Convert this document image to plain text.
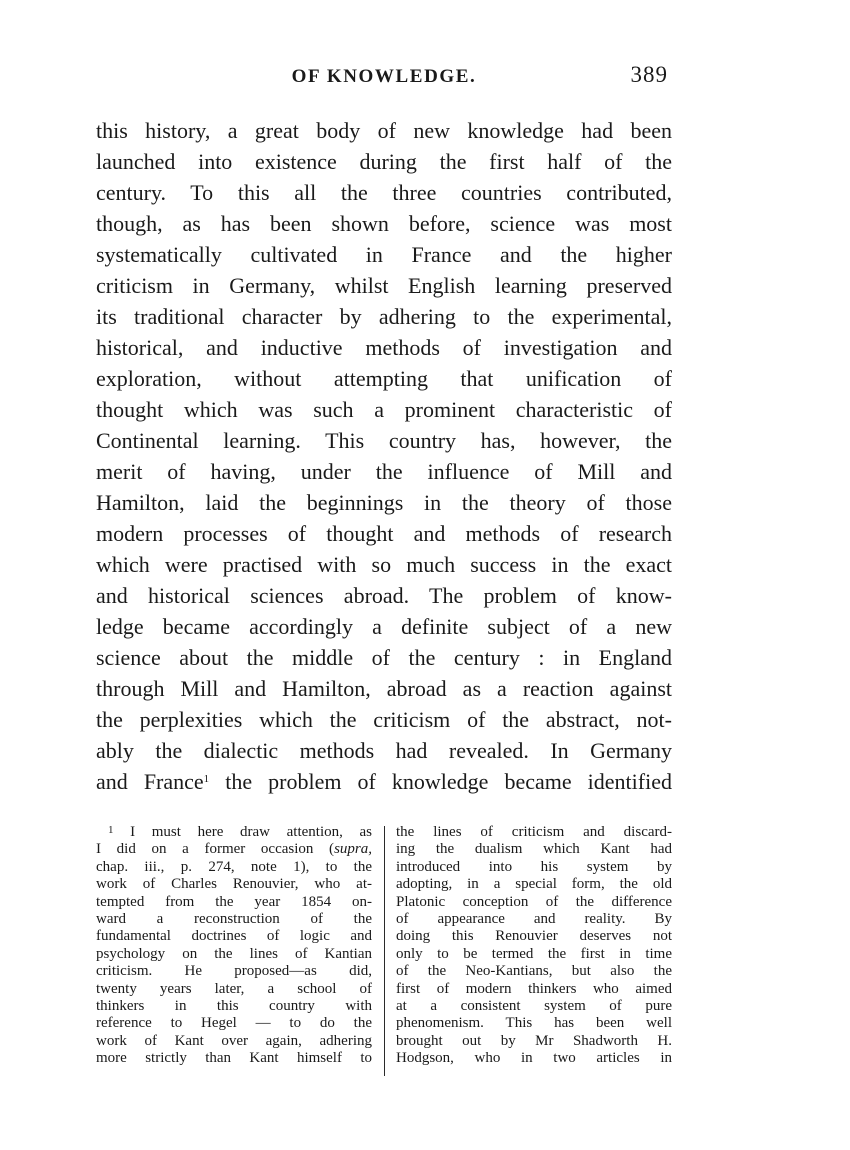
OF KNOWLEDGE.	389
this history, a great body of new knowledge had been
launched into existence during the first half of the
century. To this all the three countries contributed,
though, as has been shown before, science was most
systematically cultivated in France and the higher
criticism in Germany, whilst English learning preserved
its traditional character by adhering to the experimental,
historical, and inductive methods of investigation and
exploration, without attempting that unification of
thought which was such a prominent characteristic of
Continental learning. This country has, however, the
merit of having, under the influence of Mill and
Hamilton, laid the beginnings in the theory of those
modern processes of thought and methods of research
which were practised with so much success in the exact
and historical sciences abroad. The problem of know-
ledge became accordingly a definite subject of a new
science about the middle of the century : in England
through Mill and Hamilton, abroad as a reaction against
the perplexities which the criticism of the abstract, not-
ably the dialectic methods had revealed. In Germany
and France$^1$ the problem of knowledge became identified
$^1$ I must here draw attention, as
I did on a former occasion (supra,
chap. iii., p. 274, note 1), to the
work of Charles Renouvier, who at-
tempted from the year 1854 on-
ward a reconstruction of the
fundamental doctrines of logic and
psychology on the lines of Kantian
criticism. He proposed—as did,
twenty years later, a school of
thinkers in this country with
reference to Hegel — to do the
work of Kant over again, adhering
more strictly than Kant himself to
the lines of criticism and discard-
ing the dualism which Kant had
introduced into his system by
adopting, in a special form, the old
Platonic conception of the difference
of appearance and reality. By
doing this Renouvier deserves not
only to be termed the first in time
of the Neo-Kantians, but also the
first of modern thinkers who aimed
at a consistent system of pure
phenomenism. This has been well
brought out by Mr Shadworth H.
Hodgson, who in two articles in
